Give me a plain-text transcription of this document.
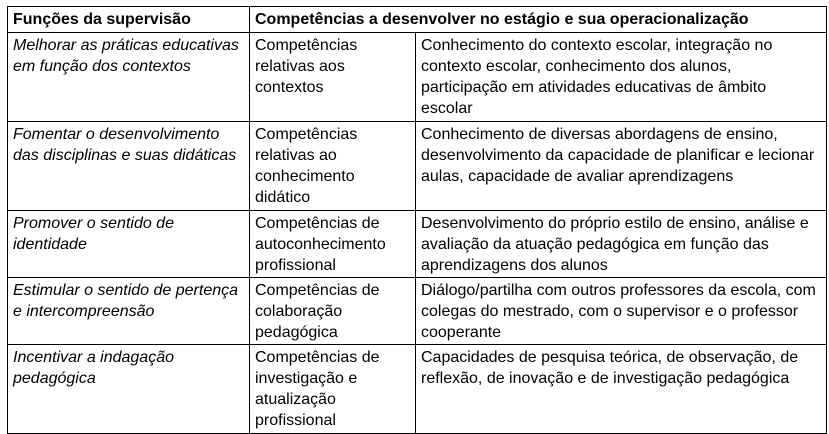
Funções da supervisão	Competências a desenvolver no estágio e sua operacionalização	
Melhorar as práticas educativas em função dos contextos	Competências relativas aos contextos	Conhecimento do contexto escolar, integração no contexto escolar, conhecimento dos alunos, participação em atividades educativas de âmbito escolar
Fomentar o desenvolvimento das disciplinas e suas didáticas	Competências relativas ao conhecimento didático	Conhecimento de diversas abordagens de ensino, desenvolvimento da capacidade de planificar e lecionar aulas, capacidade de avaliar aprendizagens
Promover o sentido de identidade	Competências de autoconhecimento profissional	Desenvolvimento do próprio estilo de ensino, análise e avaliação da atuação pedagógica em função das aprendizagens dos alunos
Estimular o sentido de pertença e intercompreensão	Competências de colaboração pedagógica	Diálogo/partilha com outros professores da escola, com colegas do mestrado, com o supervisor e o professor cooperante
Incentivar a indagação pedagógica	Competências de investigação e atualização profissional	Capacidades de pesquisa teórica, de observação, de reflexão, de inovação e de investigação pedagógica
